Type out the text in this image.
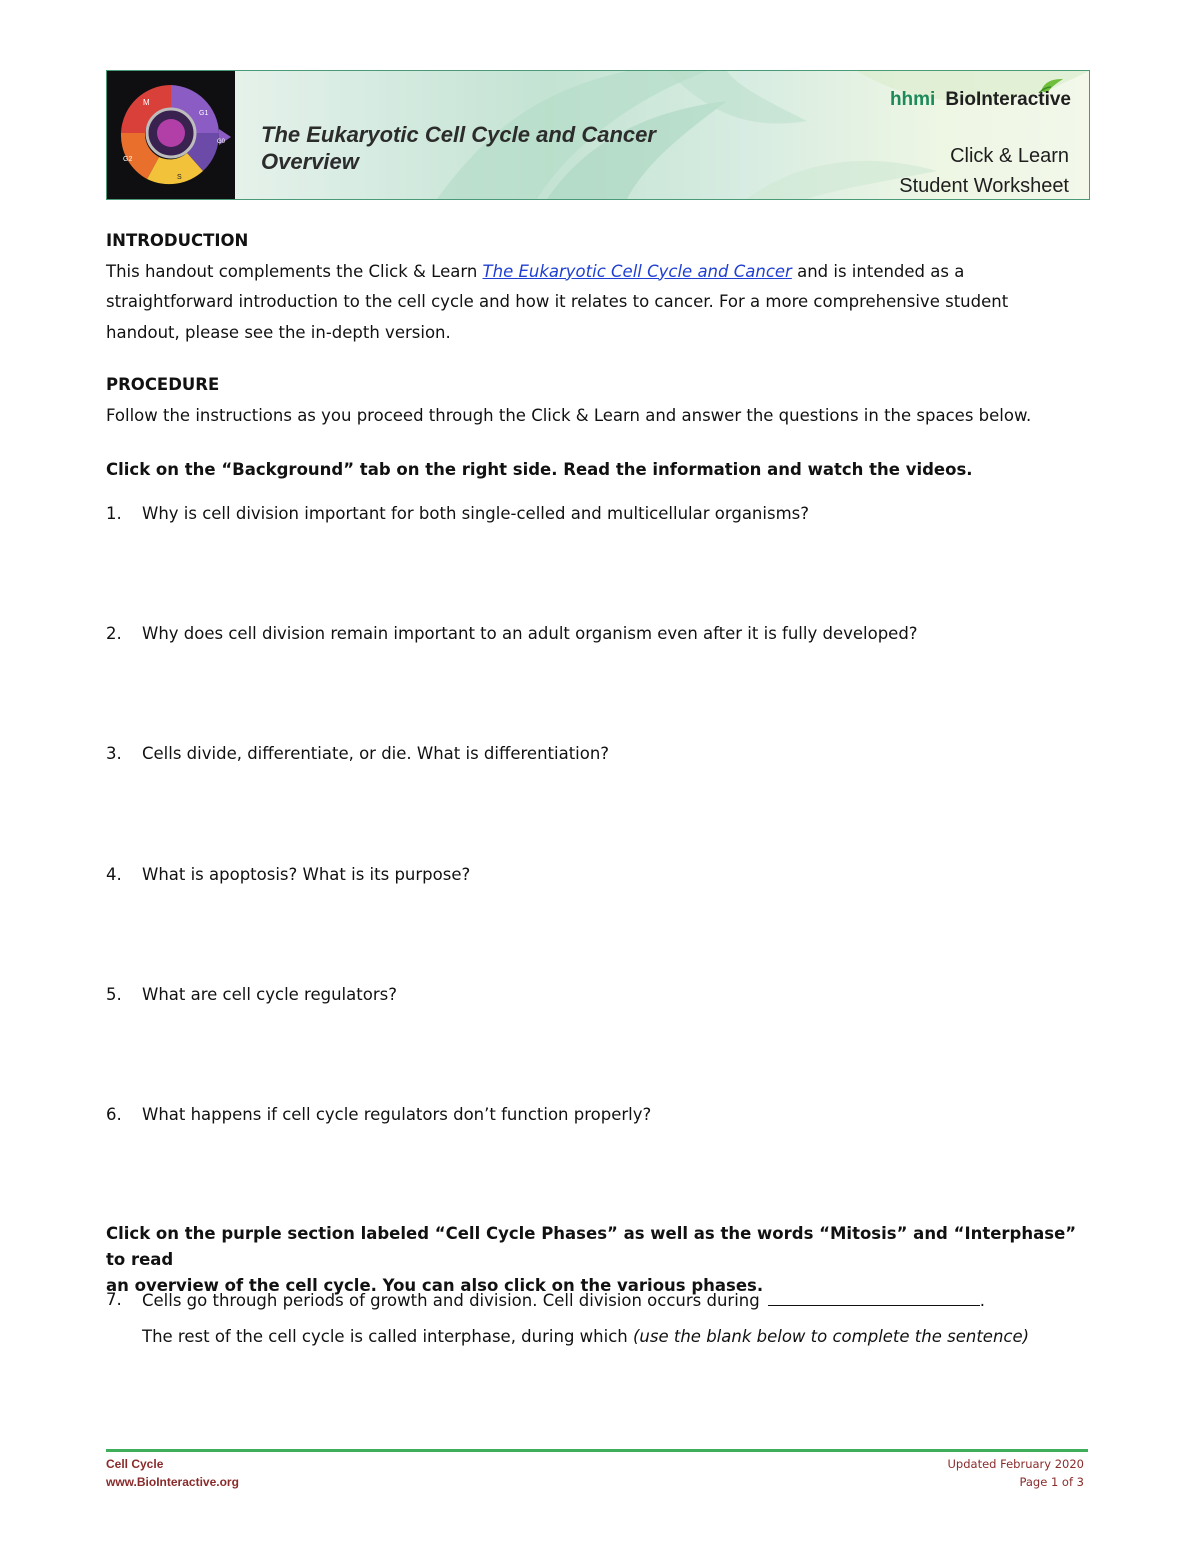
M
G1
G0
S
G2
The Eukaryotic Cell Cycle and Cancer
Overview
hhmi BioInteractive
Click & Learn
Student Worksheet
INTRODUCTION
This handout complements the Click & Learn The Eukaryotic Cell Cycle and Cancer and is intended as a
straightforward introduction to the cell cycle and how it relates to cancer. For a more comprehensive student
handout, please see the in-depth version.
PROCEDURE
Follow the instructions as you proceed through the Click & Learn and answer the questions in the spaces below.
Click on the “Background” tab on the right side. Read the information and watch the videos.
1.	Why is cell division important for both single-celled and multicellular organisms?
2.	Why does cell division remain important to an adult organism even after it is fully developed?
3.	Cells divide, differentiate, or die. What is differentiation?
4.	What is apoptosis? What is its purpose?
5.	What are cell cycle regulators?
6.	What happens if cell cycle regulators don’t function properly?
Click on the purple section labeled “Cell Cycle Phases” as well as the words “Mitosis” and “Interphase” to read
an overview of the cell cycle. You can also click on the various phases.
7.	Cells go through periods of growth and division. Cell division occurs during	.
The rest of the cell cycle is called interphase, during which (use the blank below to complete the sentence)
Cell Cycle
www.BioInteractive.org
Updated February 2020
Page 1 of 3
